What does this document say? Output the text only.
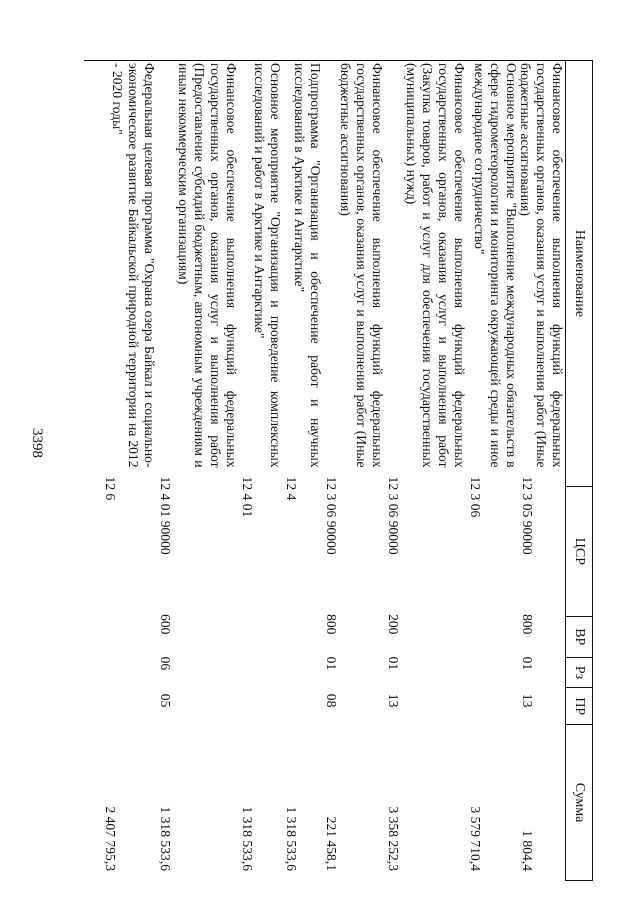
3398
Наименование
ЦСР
ВР
Рз
ПР
Сумма
Финансовое обеспечение выполнения функций федеральных государственных органов, оказания услуг и выполнения работ (Иные бюджетные ассигнования)
12 3 05 90000
800
01
13
1 804,4
Основное мероприятие "Выполнение международных обязательств в сфере гидрометеорологии и мониторинга окружающей среды и иное международное сотрудничество"
12 3 06
3 579 710,4
Финансовое обеспечение выполнения функций федеральных государственных органов, оказания услуг и выполнения работ (Закупка товаров, работ и услуг для обеспечения государственных (муниципальных) нужд)
12 3 06 90000
200
01
13
3 358 252,3
Финансовое обеспечение выполнения функций федеральных государственных органов, оказания услуг и выполнения работ (Иные бюджетные ассигнования)
12 3 06 90000
800
01
08
221 458,1
Подпрограмма "Организация и обеспечение работ и научных исследований в Арктике и Антарктике"
12 4
1 318 533,6
Основное мероприятие "Организация и проведение комплексных исследований и работ в Арктике и Антарктике"
12 4 01
1 318 533,6
Финансовое обеспечение выполнения функций федеральных государственных органов, оказания услуг и выполнения работ (Предоставление субсидий бюджетным, автономным учреждениям и иным некоммерческим организациям)
12 4 01 90000
600
06
05
1 318 533,6
Федеральная целевая программа "Охрана озера Байкал и социально-экономическое развитие Байкальской природной территории на 2012 - 2020 годы"
12 6
2 407 795,3
